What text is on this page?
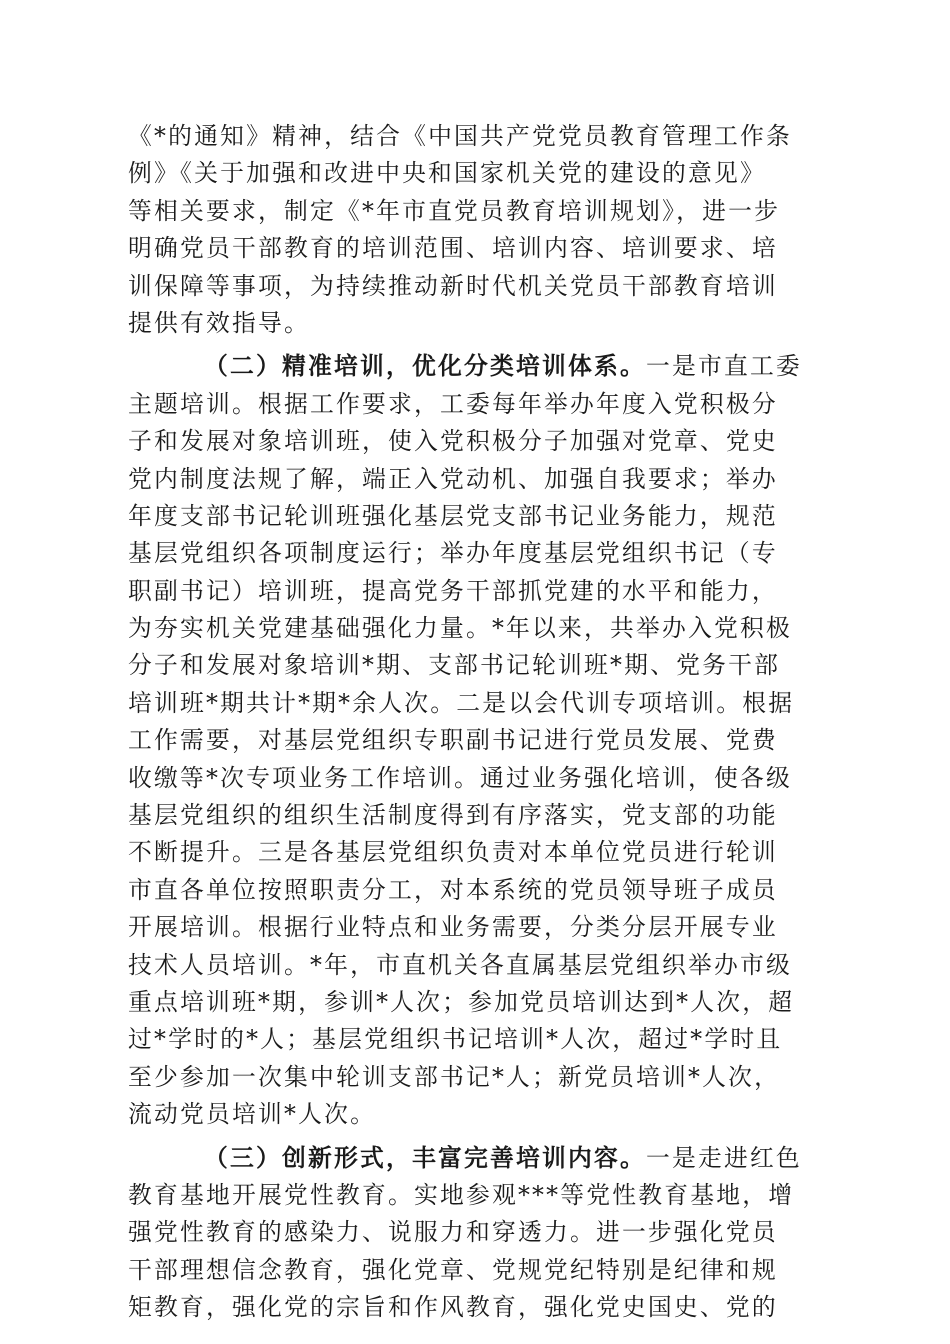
《*的通知》精神，结合《中国共产党党员教育管理工作条
例》《关于加强和改进中央和国家机关党的建设的意见》
等相关要求，制定《*年市直党员教育培训规划》，进一步
明确党员干部教育的培训范围、培训内容、培训要求、培
训保障等事项，为持续推动新时代机关党员干部教育培训
提供有效指导。
（二）精准培训，优化分类培训体系。一是市直工委
主题培训。根据工作要求，工委每年举办年度入党积极分
子和发展对象培训班，使入党积极分子加强对党章、党史
党内制度法规了解，端正入党动机、加强自我要求；举办
年度支部书记轮训班强化基层党支部书记业务能力，规范
基层党组织各项制度运行；举办年度基层党组织书记（专
职副书记）培训班，提高党务干部抓党建的水平和能力，
为夯实机关党建基础强化力量。*年以来，共举办入党积极
分子和发展对象培训*期、支部书记轮训班*期、党务干部
培训班*期共计*期*余人次。二是以会代训专项培训。根据
工作需要，对基层党组织专职副书记进行党员发展、党费
收缴等*次专项业务工作培训。通过业务强化培训，使各级
基层党组织的组织生活制度得到有序落实，党支部的功能
不断提升。三是各基层党组织负责对本单位党员进行轮训
市直各单位按照职责分工，对本系统的党员领导班子成员
开展培训。根据行业特点和业务需要，分类分层开展专业
技术人员培训。*年，市直机关各直属基层党组织举办市级
重点培训班*期，参训*人次；参加党员培训达到*人次，超
过*学时的*人；基层党组织书记培训*人次，超过*学时且
至少参加一次集中轮训支部书记*人；新党员培训*人次，
流动党员培训*人次。
（三）创新形式，丰富完善培训内容。一是走进红色
教育基地开展党性教育。实地参观***等党性教育基地，增
强党性教育的感染力、说服力和穿透力。进一步强化党员
干部理想信念教育，强化党章、党规党纪特别是纪律和规
矩教育，强化党的宗旨和作风教育，强化党史国史、党的
